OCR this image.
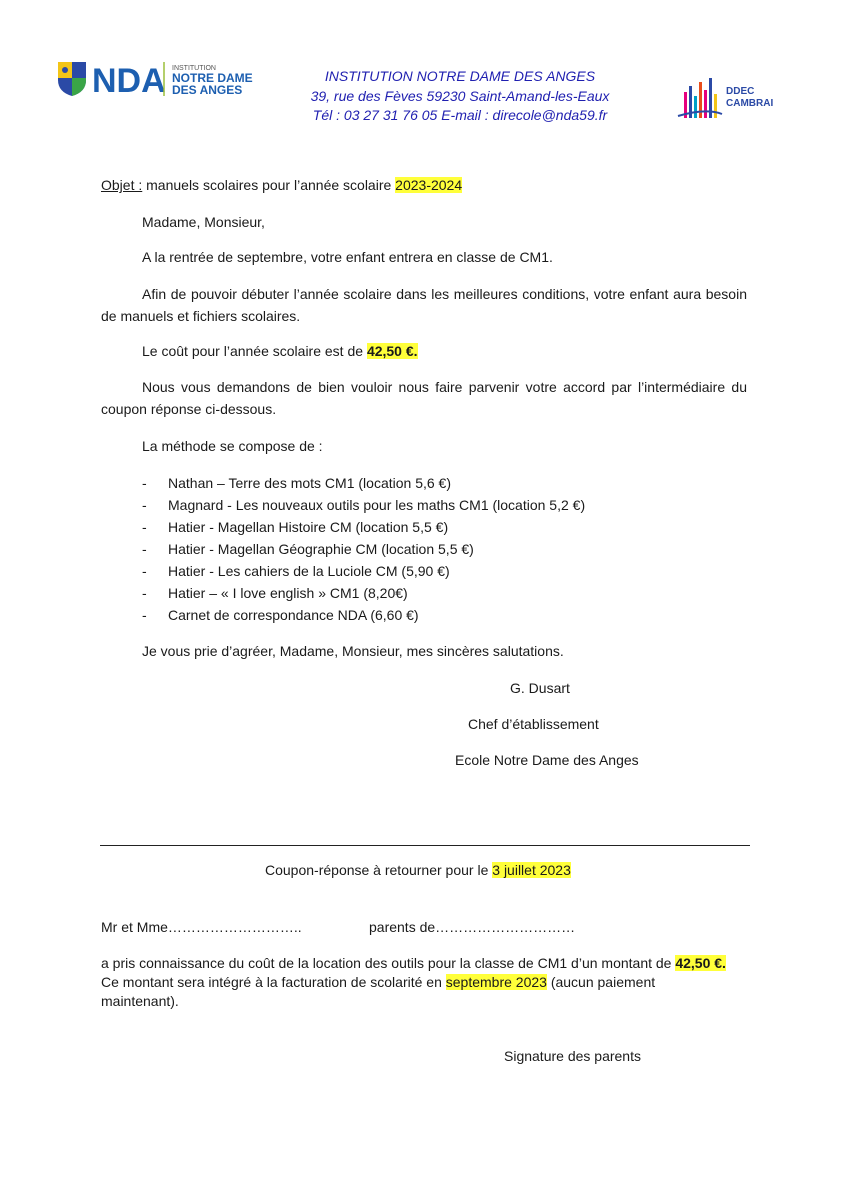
NDA INSTITUTION
NOTRE DAME
DES ANGES
INSTITUTION NOTRE DAME DES ANGES
39, rue des Fèves 59230 Saint-Amand-les-Eaux
Tél : 03 27 31 76 05 E-mail : direcole@nda59.fr
DDEC
CAMBRAI
Objet : manuels scolaires pour l’année scolaire 2023-2024
Madame, Monsieur,
A la rentrée de septembre, votre enfant entrera en classe de CM1.
Afin de pouvoir débuter l’année scolaire dans les meilleures conditions, votre enfant aura besoin de manuels et fichiers scolaires.
Le coût pour l’année scolaire est de 42,50 €.
Nous vous demandons de bien vouloir nous faire parvenir votre accord par l’intermédiaire du coupon réponse ci-dessous.
La méthode se compose de :
- Nathan – Terre des mots CM1 (location 5,6 €)
- Magnard - Les nouveaux outils pour les maths CM1 (location 5,2 €)
- Hatier - Magellan Histoire CM (location 5,5 €)
- Hatier - Magellan Géographie CM (location 5,5 €)
- Hatier - Les cahiers de la Luciole CM (5,90 €)
- Hatier – « I love english » CM1 (8,20€)
- Carnet de correspondance NDA (6,60 €)
Je vous prie d’agréer, Madame, Monsieur, mes sincères salutations.
G. Dusart
Chef d’établissement
Ecole Notre Dame des Anges
Coupon-réponse à retourner pour le 3 juillet 2023
Mr et Mme………………………..	parents de…………………………
a pris connaissance du coût de la location des outils pour la classe de CM1 d’un montant de 42,50 €.
Ce montant sera intégré à la facturation de scolarité en septembre 2023 (aucun paiement
maintenant).
Signature des parents
